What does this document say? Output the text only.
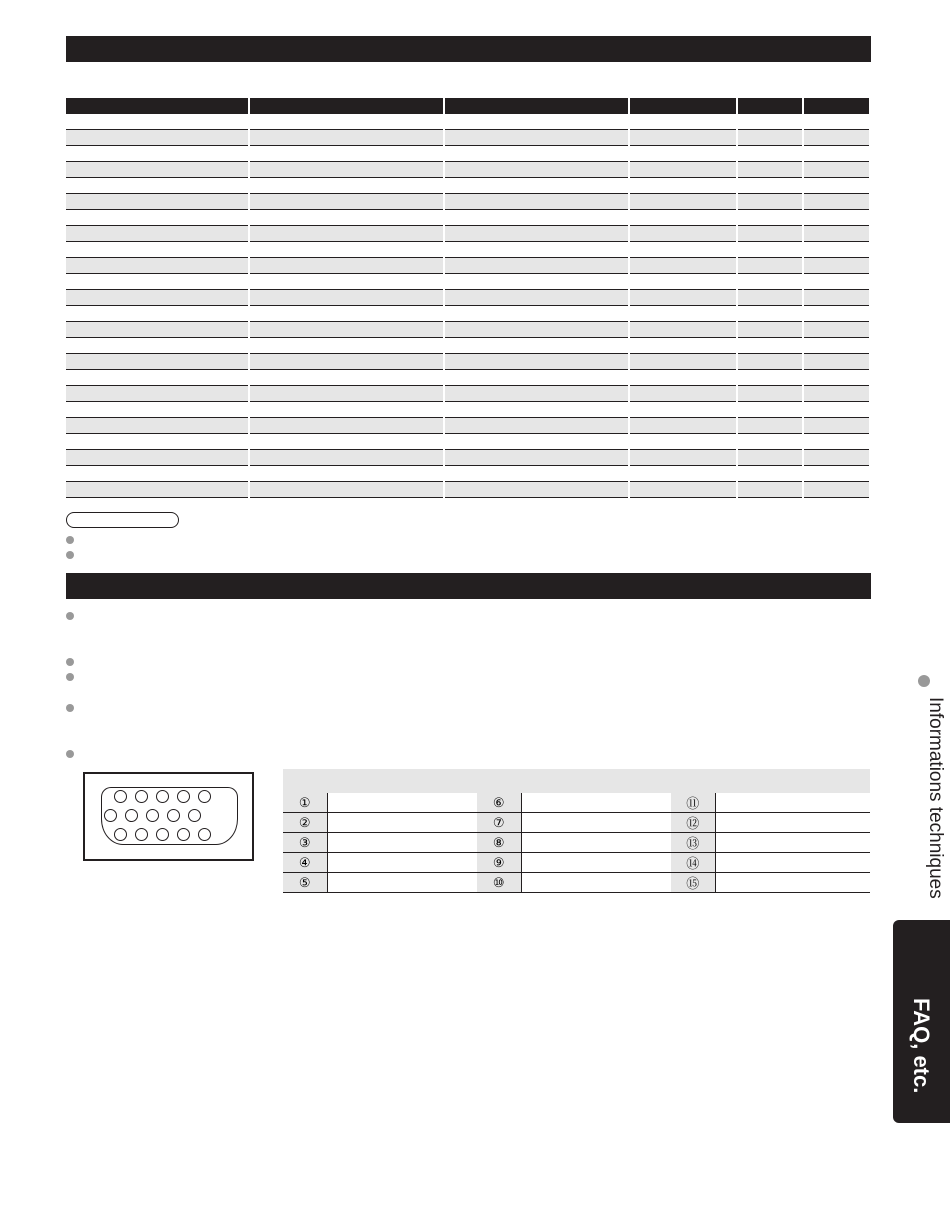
①		⑥		⑪	
②		⑦		⑫	
③		⑧		⑬	
④		⑨		⑭	
⑤		⑩		⑮		Informations techniques
FAQ, etc.
